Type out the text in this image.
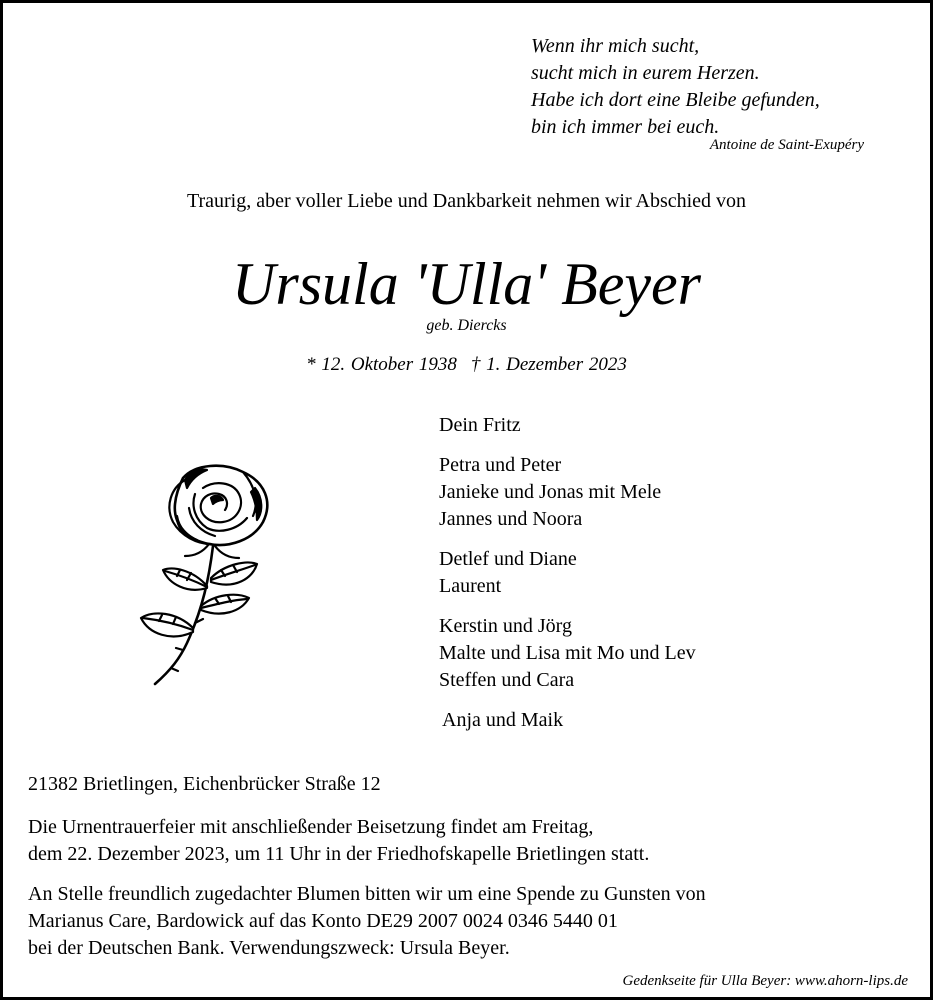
Wenn ihr mich sucht,
sucht mich in eurem Herzen.
Habe ich dort eine Bleibe gefunden,
bin ich immer bei euch.
Antoine de Saint-Exupéry
Traurig, aber voller Liebe und Dankbarkeit nehmen wir Abschied von
Ursula 'Ulla' Beyer
geb. Diercks
* 12. Oktober 1938 † 1. Dezember 2023
Dein Fritz
Petra und Peter
Janieke und Jonas mit Mele
Jannes und Noora
Detlef und Diane
Laurent
Kerstin und Jörg
Malte und Lisa mit Mo und Lev
Steffen und Cara
Anja und Maik
21382 Brietlingen, Eichenbrücker Straße 12
Die Urnentrauerfeier mit anschließender Beisetzung findet am Freitag,
dem 22. Dezember 2023, um 11 Uhr in der Friedhofskapelle Brietlingen statt.
An Stelle freundlich zugedachter Blumen bitten wir um eine Spende zu Gunsten von
Marianus Care, Bardowick auf das Konto DE29 2007 0024 0346 5440 01
bei der Deutschen Bank. Verwendungszweck: Ursula Beyer.
Gedenkseite für Ulla Beyer: www.ahorn-lips.de
